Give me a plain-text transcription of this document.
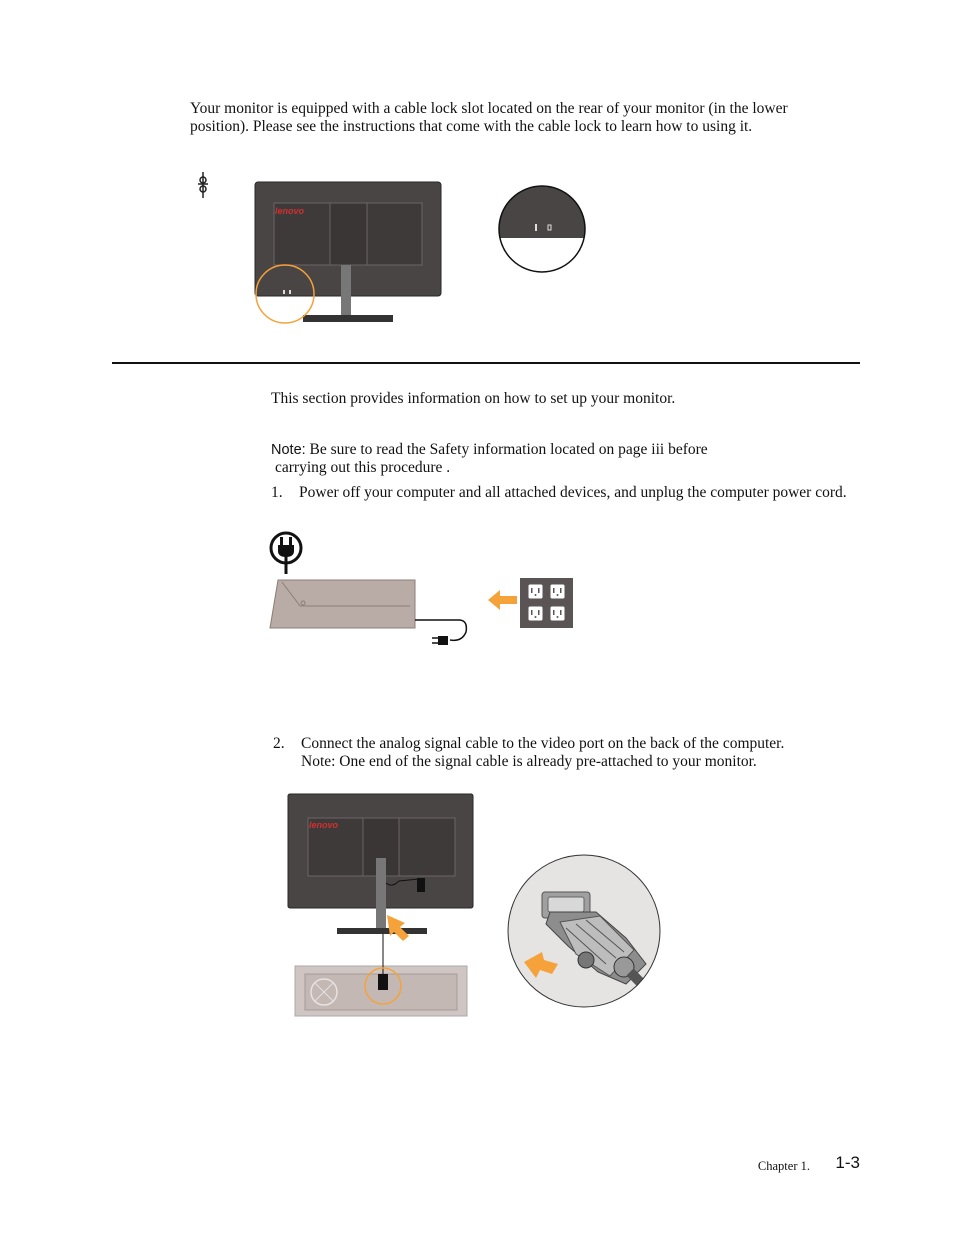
Your monitor is equipped with a cable lock slot located on the rear of your monitor (in the lower position). Please see the instructions that come with the cable lock to learn how to using it.
lenovo
This section provides information on how to set up your monitor.
Note: Be sure to read the Safety information located on page iii before
carrying out this procedure .
1.	Power off your computer and all attached devices, and unplug the computer power cord.
2.	Connect the analog signal cable to the video port on the back of the computer.
Note: One end of the signal cable is already pre-attached to your monitor.
lenovo
Chapter 1. 1-3
